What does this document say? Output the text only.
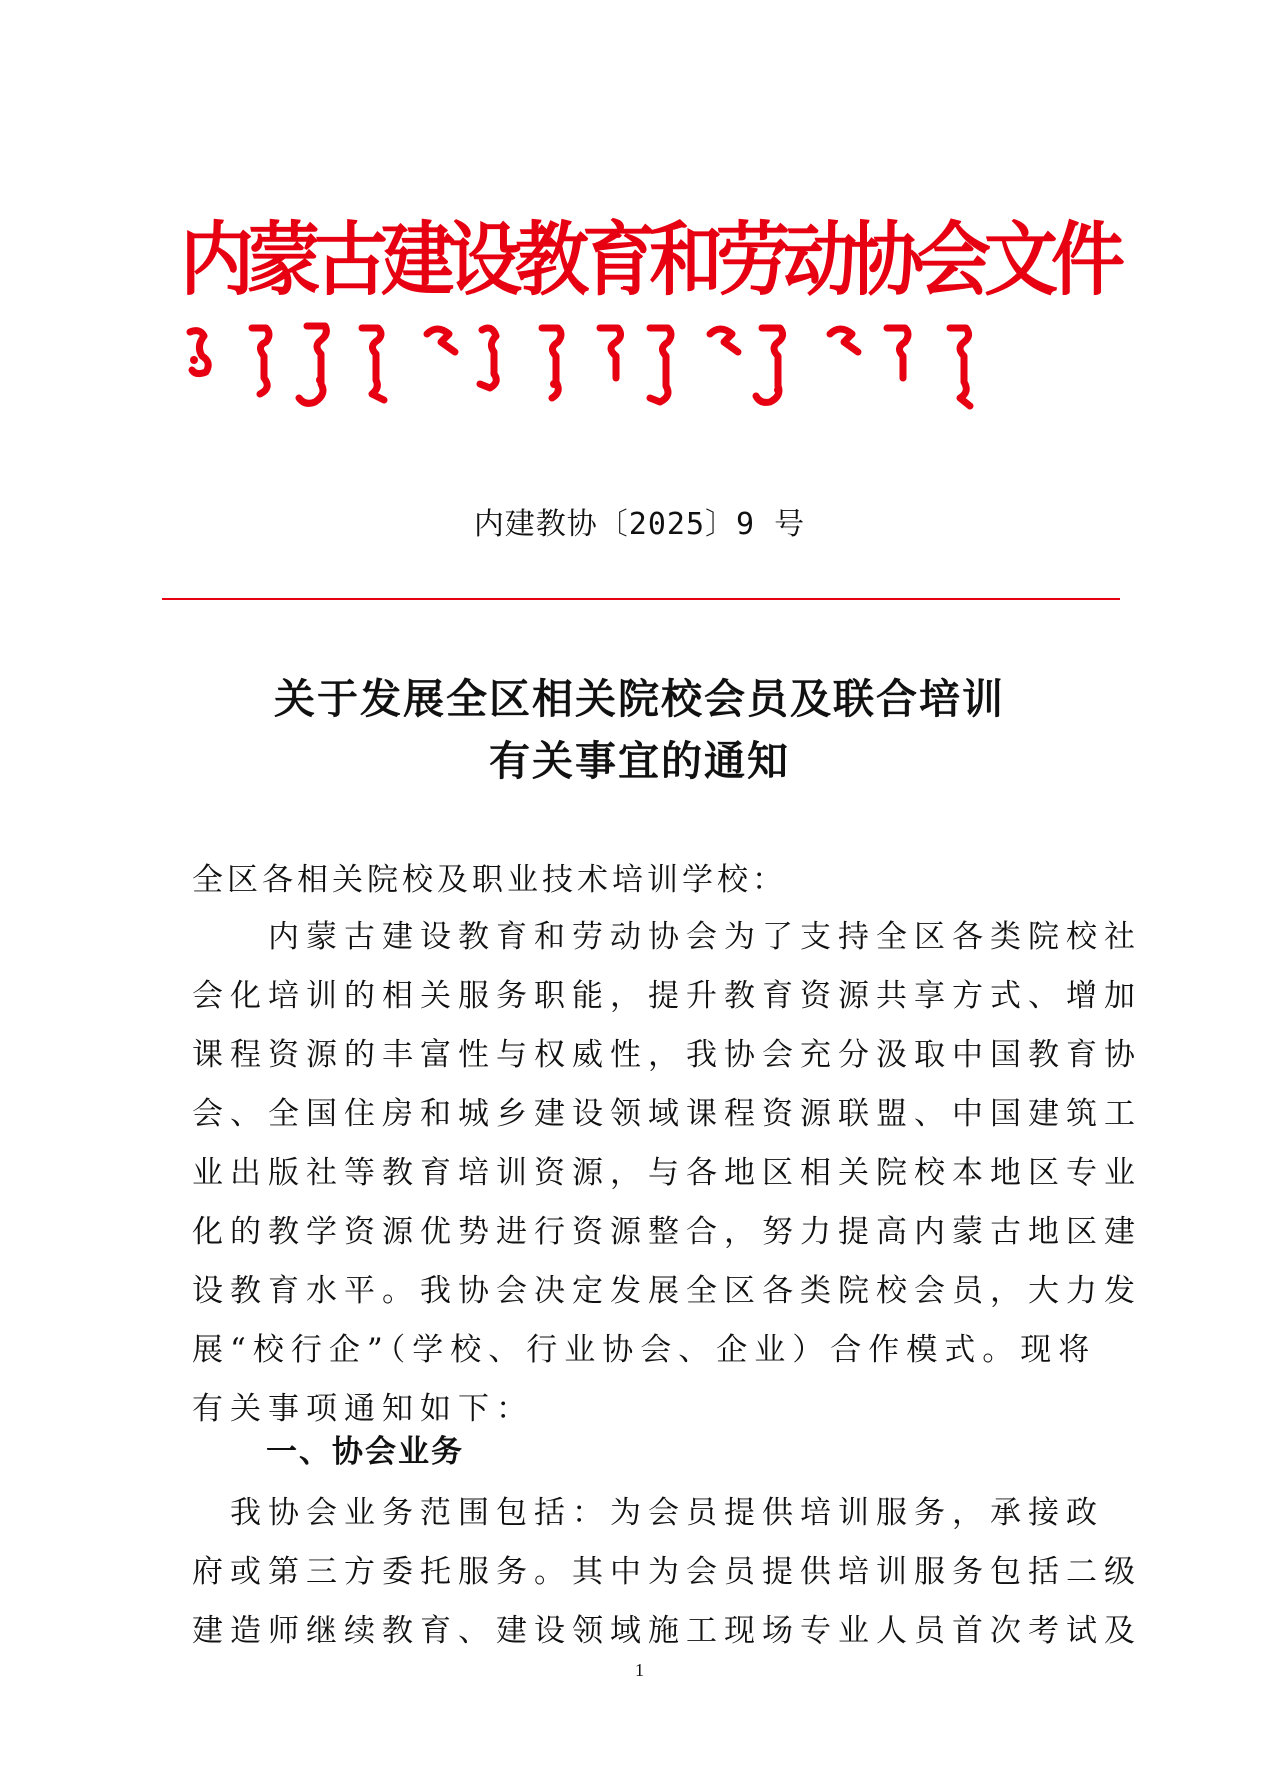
内蒙古建设教育和劳动协会文件
内建教协〔2025〕9 号
关于发展全区相关院校会员及联合培训
有关事宜的通知
全区各相关院校及职业技术培训学校：
　　内蒙古建设教育和劳动协会为了支持全区各类院校社
会化培训的相关服务职能，提升教育资源共享方式、增加
课程资源的丰富性与权威性，我协会充分汲取中国教育协
会、全国住房和城乡建设领域课程资源联盟、中国建筑工
业出版社等教育培训资源，与各地区相关院校本地区专业
化的教学资源优势进行资源整合，努力提高内蒙古地区建
设教育水平。我协会决定发展全区各类院校会员，大力发
展“校行企”（学校、行业协会、企业）合作模式。现将
有关事项通知如下：
一、协会业务
　我协会业务范围包括：为会员提供培训服务，承接政
府或第三方委托服务。其中为会员提供培训服务包括二级
建造师继续教育、建设领域施工现场专业人员首次考试及
1
